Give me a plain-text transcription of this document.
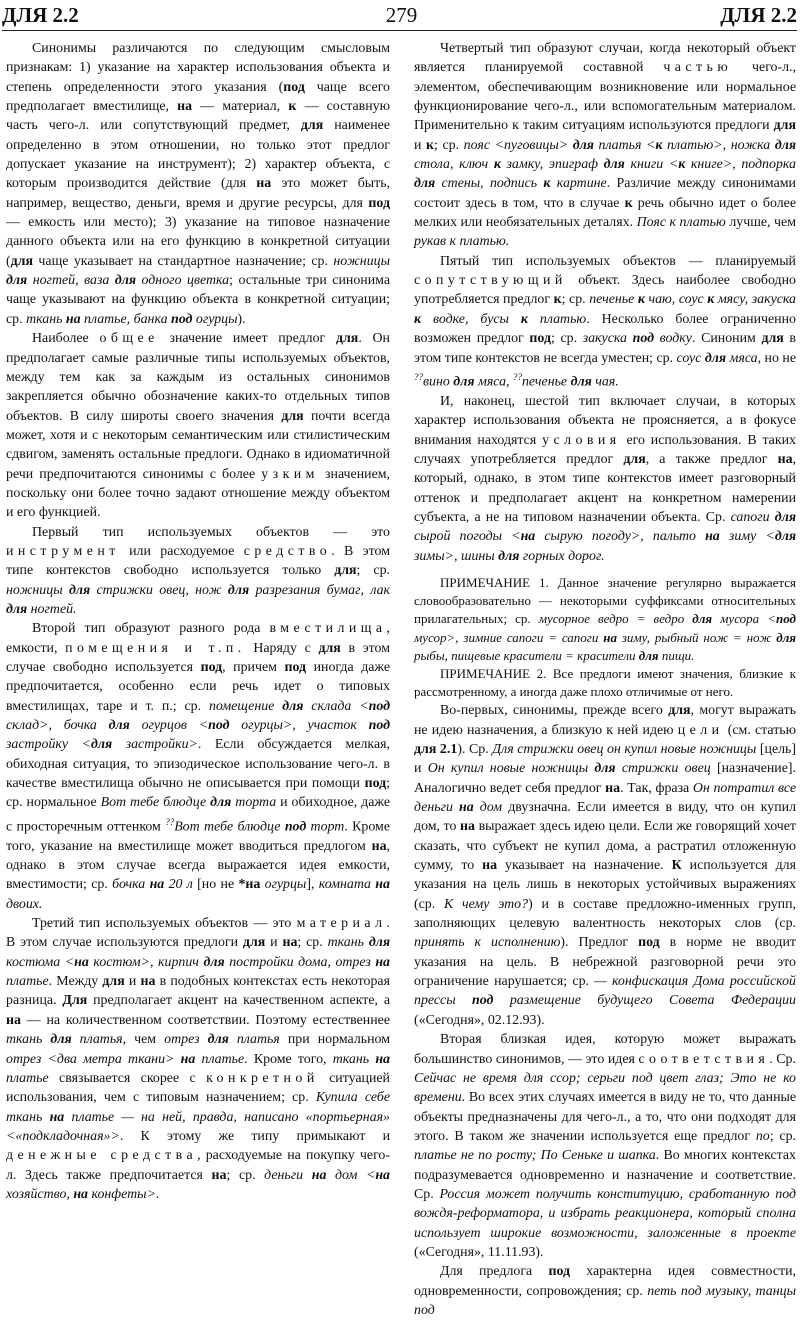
ДЛЯ 2.2	279	ДЛЯ 2.2

Синонимы различаются по следующим смысловым признакам: 1) указание на характер использования объекта и степень определенности этого указания (под чаще всего предполагает вместилище, на — материал, к — составную часть чего-л. или сопутствующий предмет, для наименее определенно в этом отношении, но только этот предлог допускает указание на инструмент); 2) характер объекта, с которым производится действие (для на это может быть, например, вещество, деньги, время и другие ресурсы, для под — емкость или место); 3) указание на типовое назначение данного объекта или на его функцию в конкретной ситуации (для чаще указывает на стандартное назначение; ср. ножницы для ногтей, ваза для одного цветка; остальные три синонима чаще указывают на функцию объекта в конкретной ситуации; ср. ткань на платье, банка под огурцы).

Наиболее общее значение имеет предлог для. Он предполагает самые различные типы используемых объектов, между тем как за каждым из остальных синонимов закрепляется обычно обозначение каких-то отдельных типов объектов. В силу широты своего значения для почти всегда может, хотя и с некоторым семантическим или стилистическим сдвигом, заменять остальные предлоги. Однако в идиоматичной речи предпочитаются синонимы с более узким значением, поскольку они более точно задают отношение между объектом и его функцией.

Первый тип используемых объектов — это инструмент или расходуемое средство. В этом типе контекстов свободно используется только для; ср. ножницы для стрижки овец, нож для разрезания бумаг, лак для ногтей.

Второй тип образуют разного рода вместилища, емкости, помещения и т.п. Наряду с для в этом случае свободно используется под, причем под иногда даже предпочитается, особенно если речь идет о типовых вместилищах, таре и т. п.; ср. помещение для склада <под склад>, бочка для огурцов <под огурцы>, участок под застройку <для застройки>. Если обсуждается мелкая, обиходная ситуация, то эпизодическое использование чего-л. в качестве вместилища обычно не описывается при помощи под; ср. нормальное Вот тебе блюдце для торта и обиходное, даже с просторечным оттенком ??Вот тебе блюдце под торт. Кроме того, указание на вместилище может вводиться предлогом на, однако в этом случае всегда выражается идея емкости, вместимости; ср. бочка на 20 л [но не *на огурцы], комната на двоих.

Третий тип используемых объектов — это материал. В этом случае используются предлоги для и на; ср. ткань для костюма <на костюм>, кирпич для постройки дома, отрез на платье. Между для и на в подобных контекстах есть некоторая разница. Для предполагает акцент на качественном аспекте, а на — на количественном соответствии. Поэтому естественнее ткань для платья, чем отрез для платья при нормальном отрез <два метра ткани> на платье. Кроме того, ткань на платье связывается скорее с конкретной ситуацией использования, чем с типовым назначением; ср. Купила себе ткань на платье — на ней, правда, написано «портьерная» <«подкладочная»>. К этому же типу примыкают и денежные средства, расходуемые на покупку чего-л. Здесь также предпочитается на; ср. деньги на дом <на хозяйство, на конфеты>.

Четвертый тип образуют случаи, когда некоторый объект является планируемой составной частью чего-л., элементом, обеспечивающим возникновение или нормальное функционирование чего-л., или вспомогательным материалом. Применительно к таким ситуациям используются предлоги для и к; ср. пояс <пуговицы> для платья <к платью>, ножка для стола, ключ к замку, эпиграф для книги <к книге>, подпорка для стены, подпись к картине. Различие между синонимами состоит здесь в том, что в случае к речь обычно идет о более мелких или необязательных деталях. Пояс к платью лучше, чем рукав к платью.

Пятый тип используемых объектов — планируемый сопутствующий объект. Здесь наиболее свободно употребляется предлог к; ср. печенье к чаю, соус к мясу, закуска к водке, бусы к платью. Несколько более ограниченно возможен предлог под; ср. закуска под водку. Синоним для в этом типе контекстов не всегда уместен; ср. соус для мяса, но не ??вино для мяса, ??печенье для чая.

И, наконец, шестой тип включает случаи, в которых характер использования объекта не проясняется, а в фокусе внимания находятся условия его использования. В таких случаях употребляется предлог для, а также предлог на, который, однако, в этом типе контекстов имеет разговорный оттенок и предполагает акцент на конкретном намерении субъекта, а не на типовом назначении объекта. Ср. сапоги для сырой погоды <на сырую погоду>, пальто на зиму <для зимы>, шины для горных дорог.

ПРИМЕЧАНИЕ 1. Данное значение регулярно выражается словообразовательно — некоторыми суффиксами относительных прилагательных; ср. мусорное ведро = ведро для мусора <под мусор>, зимние сапоги = сапоги на зиму, рыбный нож = нож для рыбы, пищевые красители = красители для пищи.

ПРИМЕЧАНИЕ 2. Все предлоги имеют значения, близкие к рассмотренному, а иногда даже плохо отличимые от него.

Во-первых, синонимы, прежде всего для, могут выражать не идею назначения, а близкую к ней идею цели (см. статью для 2.1). Ср. Для стрижки овец он купил новые ножницы [цель] и Он купил новые ножницы для стрижки овец [назначение]. Аналогично ведет себя предлог на. Так, фраза Он потратил все деньги на дом двузначна. Если имеется в виду, что он купил дом, то на выражает здесь идею цели. Если же говорящий хочет сказать, что субъект не купил дома, а растратил отложенную сумму, то на указывает на назначение. К используется для указания на цель лишь в некоторых устойчивых выражениях (ср. К чему это?) и в составе предложно-именных групп, заполняющих целевую валентность некоторых слов (ср. принять к исполнению). Предлог под в норме не вводит указания на цель. В небрежной разговорной речи это ограничение нарушается; ср. — конфискация Дома российской прессы под размещение будущего Совета Федерации («Сегодня», 02.12.93).

Вторая близкая идея, которую может выражать большинство синонимов, — это идея соответствия. Ср. Сейчас не время для ссор; серьги под цвет глаз; Это не ко времени. Во всех этих случаях имеется в виду не то, что данные объекты предназначены для чего-л., а то, что они подходят для этого. В таком же значении используется еще предлог по; ср. платье не по росту; По Сеньке и шапка. Во многих контекстах подразумевается одновременно и назначение и соответствие. Ср. Россия может получить конституцию, сработанную под вождя-реформатора, и избрать реакционера, который сполна использует широкие возможности, заложенные в проекте («Сегодня», 11.11.93).

Для предлога под характерна идея совместности, одновременности, сопровождения; ср. петь под музыку, танцы под
